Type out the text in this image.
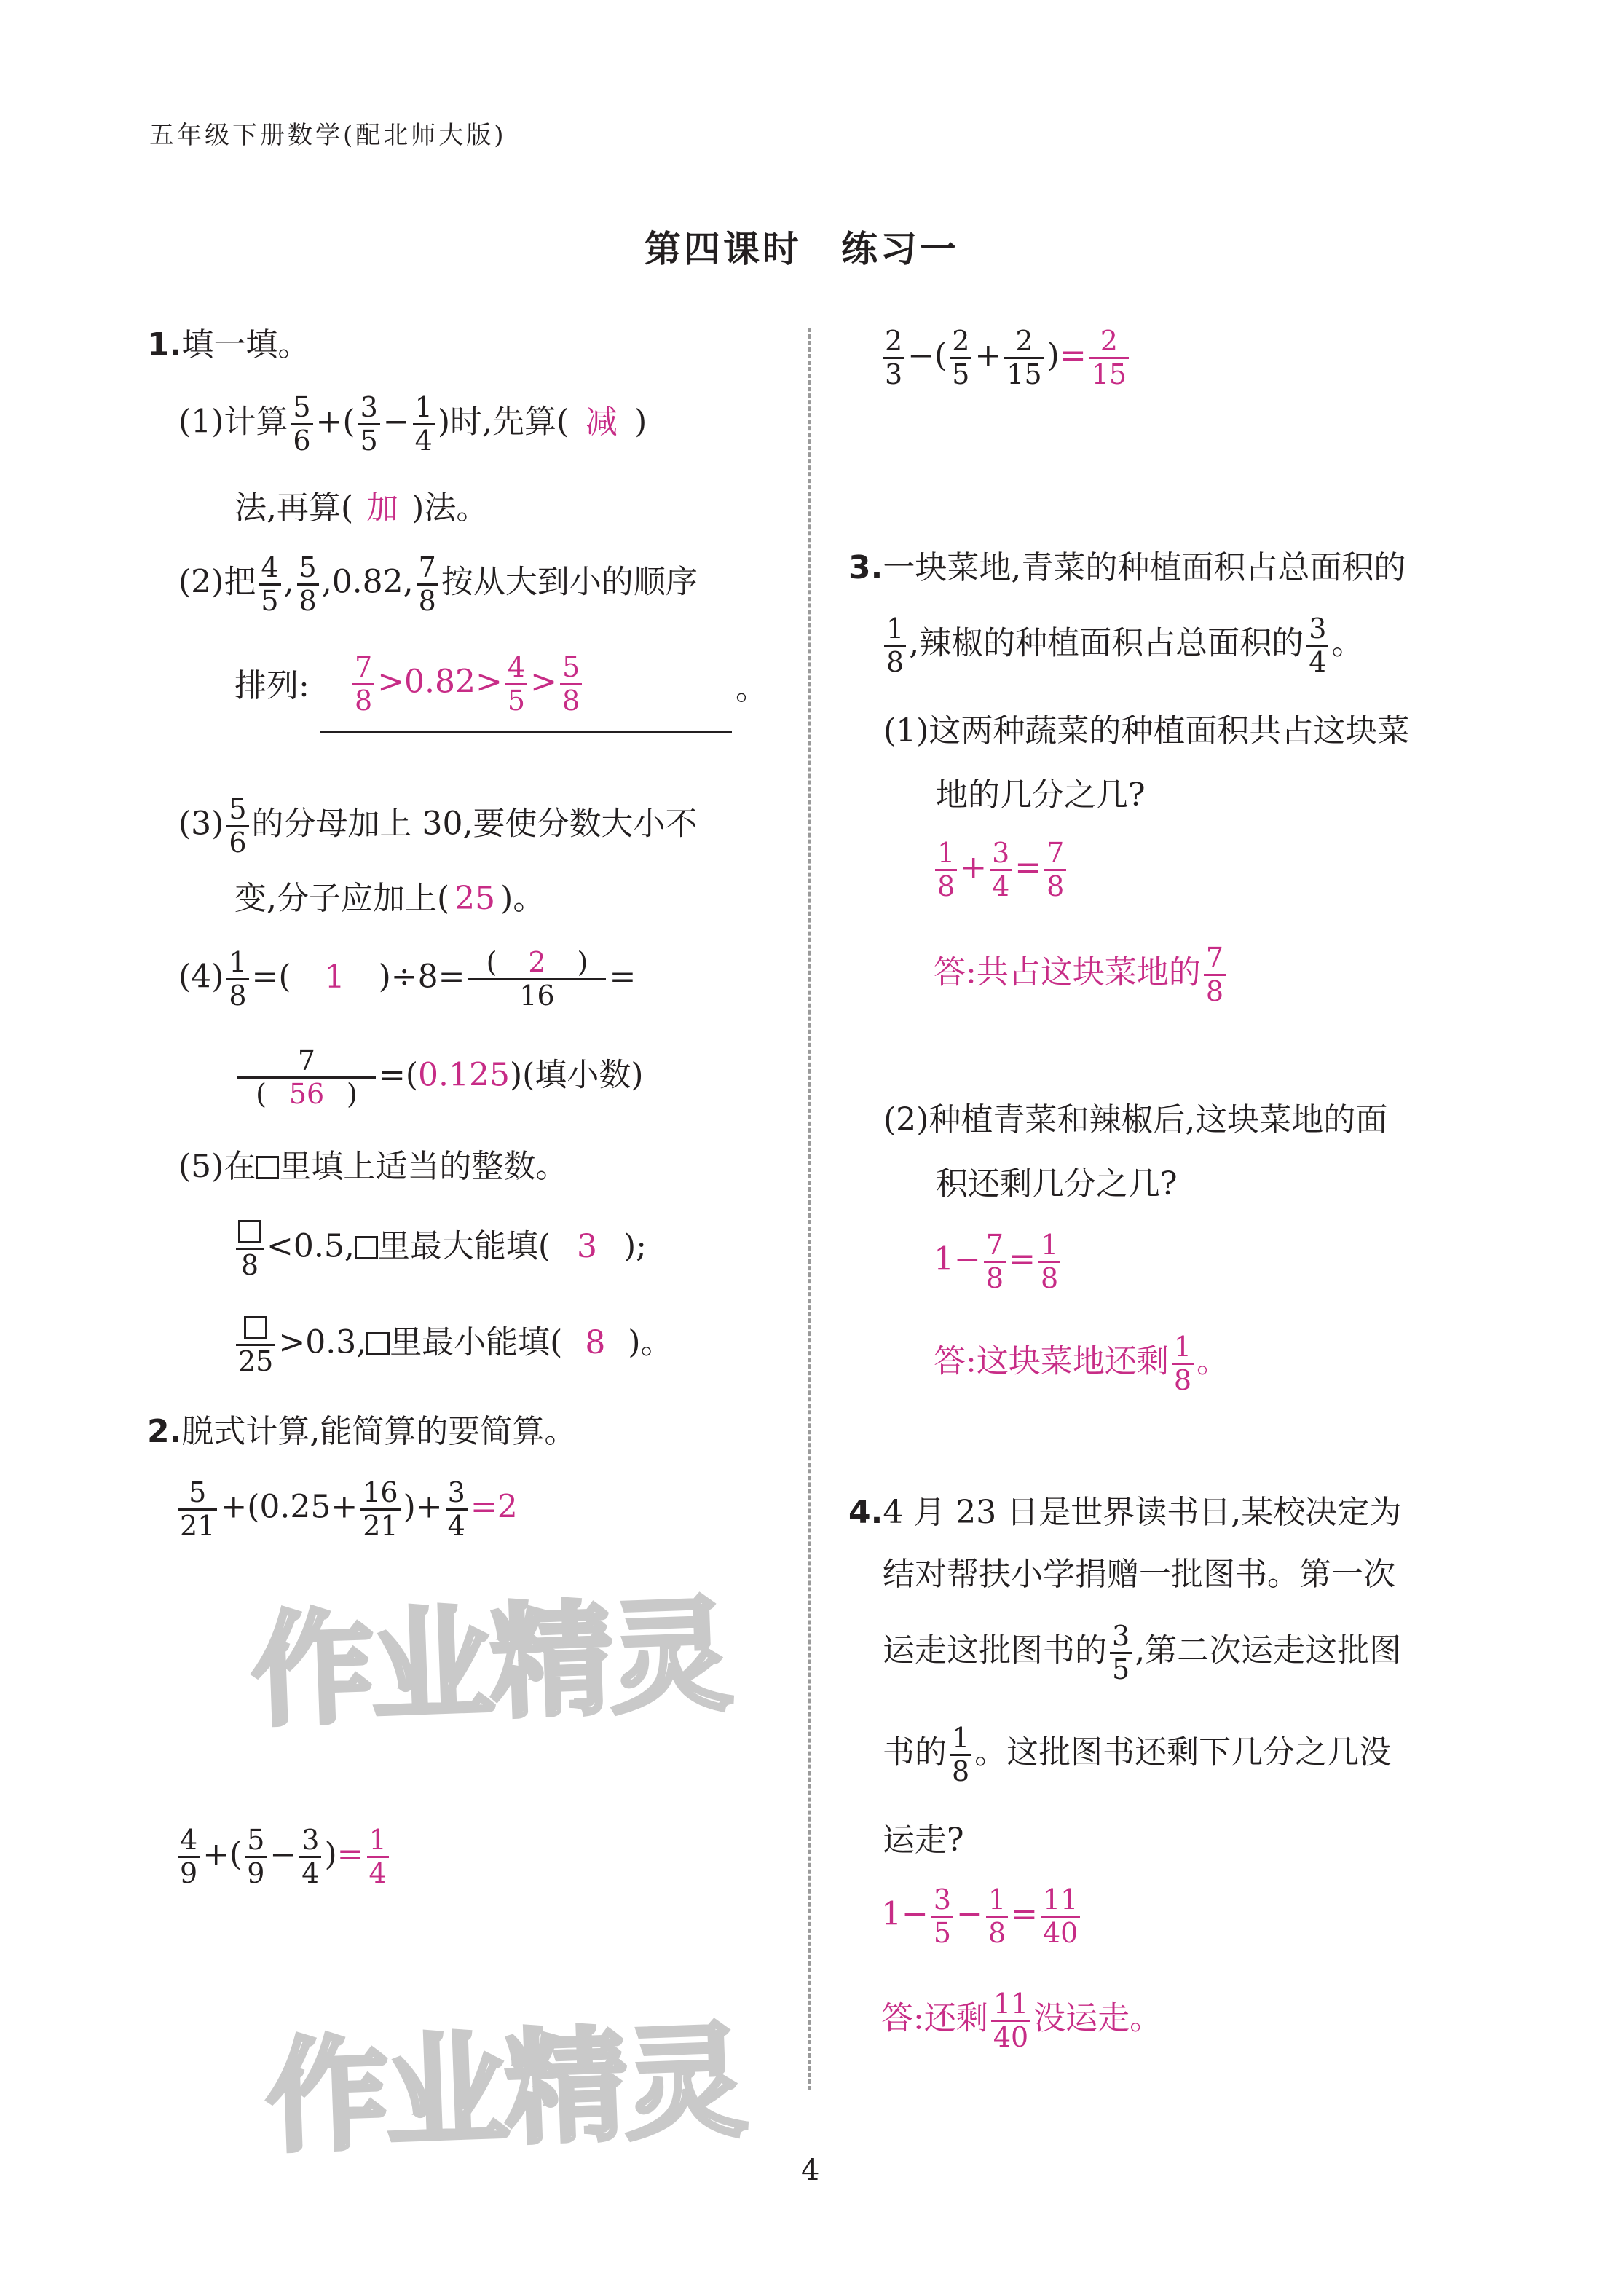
五年级下册数学(配北师大版)
第四课时　练习一
作业精灵
作业精灵
1.填一填。
(1)计算 $\frac{5}{6}$ +( $\frac{3}{5} - \frac{1}{4}$ )时,先算( 减 )
法,再算( 加 )法。
(2)把 $\frac{4}{5}$ , $\frac{5}{8} ,0.82$, $\frac{7}{8}$ 按从大到小的顺序
排列: $\frac{7}{8} >0.82> \frac{4}{5} > \frac{5}{8}$	。
$(3) \frac{5}{6}$ 的分母加上 30,要使分数大小不
变,分子应加上( 25 )。
$(4) \frac{1}{8}$ =( 1 )$\div 8= \frac{( 2 )}{16}$ =
$\frac{7}{( 56 )} =(0.125)$(填小数)
(5)在 里填上适当的整数。
8 <0.5, 里最大能填( 3 );
25 >0.3, 里最小能填( 8 )。
2.脱式计算,能简算的要简算。
$\frac{5}{21} +(0.25+ \frac{16}{21}$ )+ $\frac{3}{4} =2$
$\frac{4}{9}$ +( $\frac{5}{9} - \frac{3}{4}$ )= $\frac{1}{4}$
$\frac{2}{3}$ −( $\frac{2}{5} + \frac{2}{15}$ )= $\frac{2}{15}$
3.一块菜地,青菜的种植面积占总面积的
$\frac{1}{8}$ ,辣椒的种植面积占总面积的 $\frac{3}{4}$ 。
(1)这两种蔬菜的种植面积共占这块菜
地的几分之几?
$\frac{1}{8} + \frac{3}{4} = \frac{7}{8}$
答:共占这块菜地的 $\frac{7}{8}$
(2)种植青菜和辣椒后,这块菜地的面
积还剩几分之几?
$1- \frac{7}{8} = \frac{1}{8}$
答:这块菜地还剩 $\frac{1}{8}$ 。
4.4 月 23 日是世界读书日,某校决定为
结对帮扶小学捐赠一批图书。第一次
运走这批图书的 $\frac{3}{5}$ ,第二次运走这批图
书的 $\frac{1}{8}$ 。这批图书还剩下几分之几没
运走?
$1- \frac{3}{5} - \frac{1}{8} = \frac{11}{40}$
答:还剩 $\frac{11}{40}$ 没运走。
4
